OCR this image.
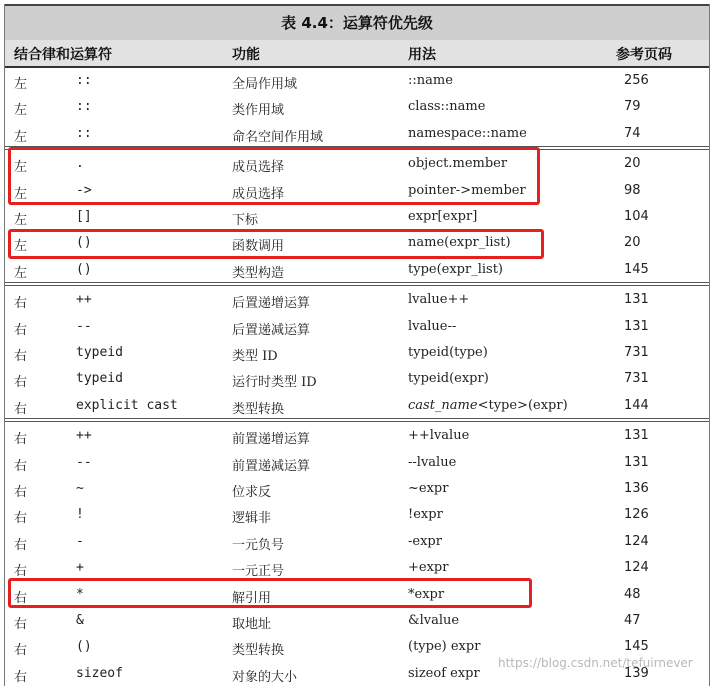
表 4.4：运算符优先级
结合律和运算符	功能	用法	参考页码
左	::	全局作用域	::name	256
左	::	类作用域	class::name	79
左	::	命名空间作用域	namespace::name	74
左	.	成员选择	object.member	20
左	->	成员选择	pointer->member	98
左	[]	下标	expr[expr]	104
左	()	函数调用	name(expr_list)	20
左	()	类型构造	type(expr_list)	145
右	++	后置递增运算	lvalue++	131
右	--	后置递减运算	lvalue--	131
右	typeid	类型 ID	typeid(type)	731
右	typeid	运行时类型 ID	typeid(expr)	731
右	explicit cast	类型转换	cast_name<type>(expr)	144
右	++	前置递增运算	++lvalue	131
右	--	前置递减运算	--lvalue	131
右	~	位求反	~expr	136
右	!	逻辑非	!expr	126
右	-	一元负号	-expr	124
右	+	一元正号	+expr	124
右	*	解引用	*expr	48
右	&	取地址	&lvalue	47
右	()	类型转换	(type) expr	145
右	sizeof	对象的大小	sizeof expr	139
https://blog.csdn.net/tefuirnever
